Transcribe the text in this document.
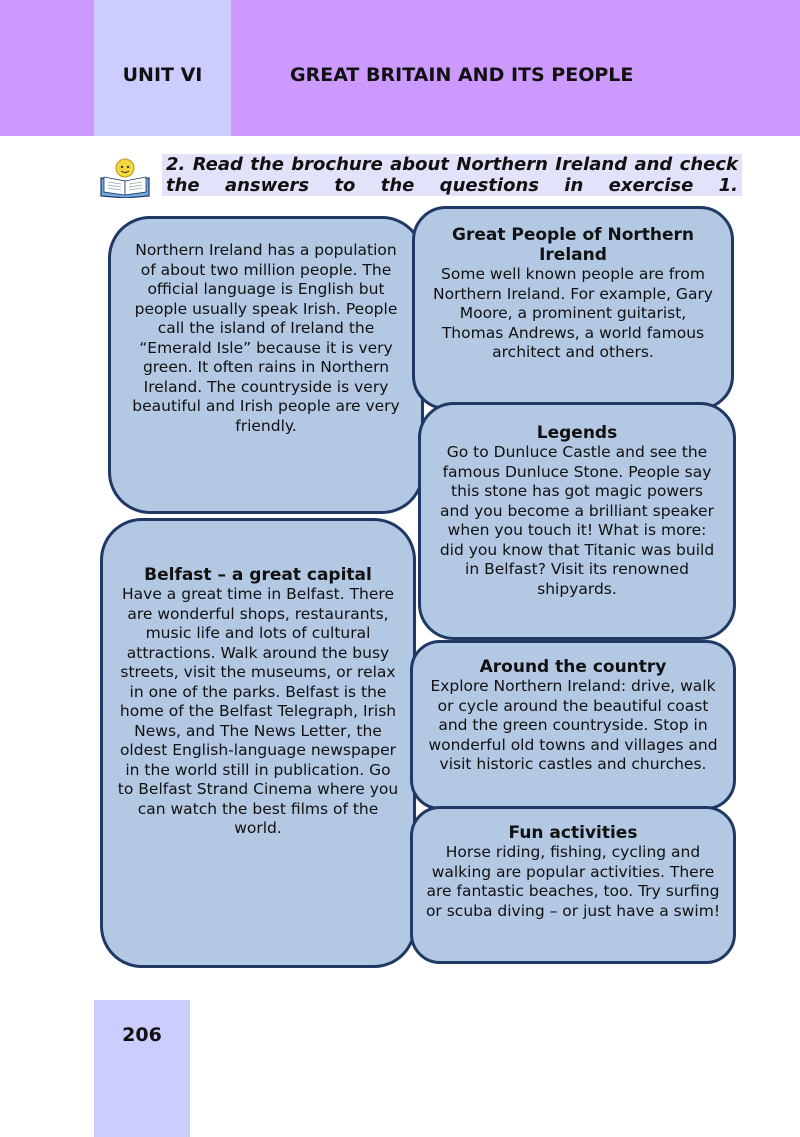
UNIT VI	GREAT BRITAIN AND ITS PEOPLE
2. Read the brochure about Northern Ireland and check the answers to the questions in exercise 1.
Northern Ireland has a population of about two million people. The official language is English but people usually speak Irish. People call the island of Ireland the “Emerald Isle” because it is very green. It often rains in Northern Ireland. The countryside is very beautiful and Irish people are very friendly.
Belfast – a great capital
Have a great time in Belfast. There are wonderful shops, restaurants, music life and lots of cultural attractions. Walk around the busy streets, visit the museums, or relax in one of the parks. Belfast is the home of the Belfast Telegraph, Irish News, and The News Letter, the oldest English-language newspaper in the world still in publication. Go to Belfast Strand Cinema where you can watch the best films of the world.
Great People of Northern Ireland
Some well known people are from Northern Ireland. For example, Gary Moore, a prominent guitarist, Thomas Andrews, a world famous architect and others.
Legends
Go to Dunluce Castle and see the famous Dunluce Stone. People say this stone has got magic powers and you become a brilliant speaker when you touch it! What is more: did you know that Titanic was build in Belfast? Visit its renowned shipyards.
Around the country
Explore Northern Ireland: drive, walk or cycle around the beautiful coast and the green countryside. Stop in wonderful old towns and villages and visit historic castles and churches.
Fun activities
Horse riding, fishing, cycling and walking are popular activities. There are fantastic beaches, too. Try surfing or scuba diving – or just have a swim!
206
